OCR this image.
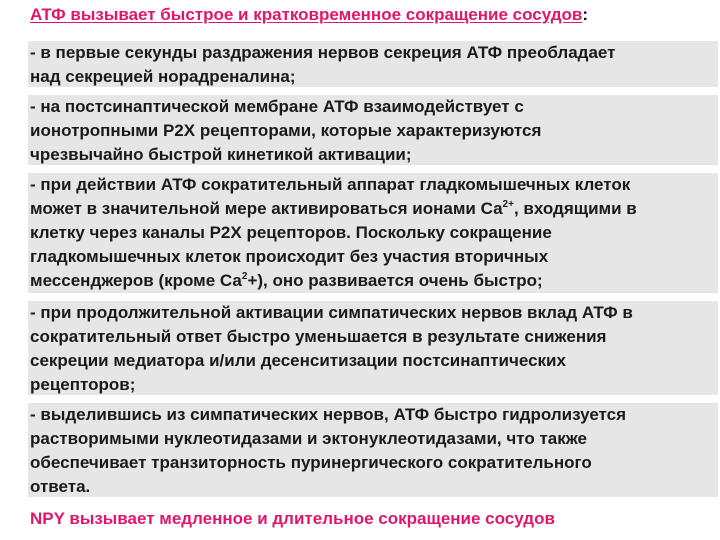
АТФ вызывает быстрое и кратковременное сокращение сосудов:

- в первые секунды раздражения нервов секреция АТФ преобладает

над секрецией норадреналина;

- на постсинаптической мембране АТФ взаимодействует с

ионотропными P2X рецепторами, которые характеризуются

чрезвычайно быстрой кинетикой активации;

- при действии АТФ сократительный аппарат гладкомышечных клеток

может в значительной мере активироваться ионами $Са^{2+}$, входящими в

клетку через каналы P2X рецепторов. Поскольку сокращение

гладкомышечных клеток происходит без участия вторичных

мессенджеров (кроме $Са^2+$), оно развивается очень быстро;

- при продолжительной активации симпатических нервов вклад АТФ в

сократительный ответ быстро уменьшается в результате снижения

секреции медиатора и/или десенситизации постсинаптических

рецепторов;

- выделившись из симпатических нервов, АТФ быстро гидролизуется

растворимыми нуклеотидазами и эктонуклеотидазами, что также

обеспечивает транзиторность пуринергического сократительного

ответа.

NPY вызывает медленное и длительное сокращение сосудов
